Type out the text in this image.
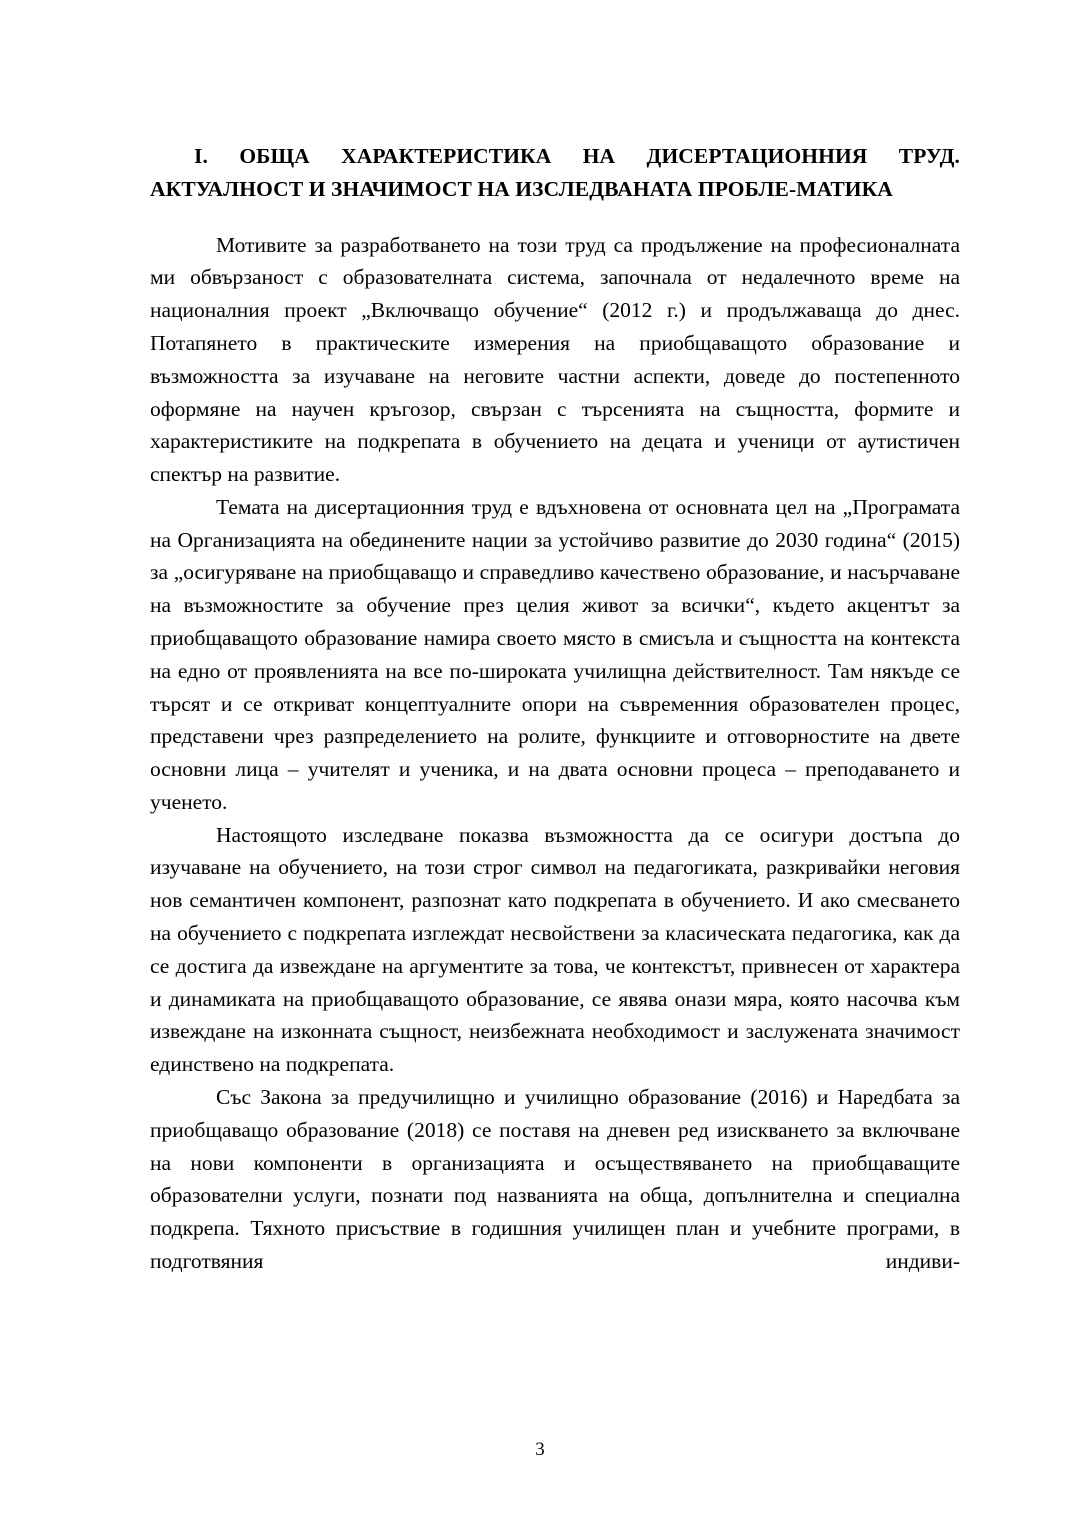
I. ОБЩА ХАРАКТЕРИСТИКА НА ДИСЕРТАЦИОННИЯ ТРУД. АКТУАЛНОСТ И ЗНАЧИМОСТ НА ИЗСЛЕДВАНАТА ПРОБЛЕ-МАТИКА

Мотивите за разработването на този труд са продължение на професионалната ми обвързаност с образователната система, започнала от недалечното време на националния проект „Включващо обучение“ (2012 г.) и продължаваща до днес. Потапянето в практическите измерения на приобщаващото образование и възможността за изучаване на неговите частни аспекти, доведе до постепенното оформяне на научен кръгозор, свързан с търсенията на същността, формите и характеристиките на подкрепата в обучението на децата и ученици от аутистичен спектър на развитие.

Темата на дисертационния труд е вдъхновена от основната цел на „Програмата на Организацията на обединените нации за устойчиво развитие до 2030 година“ (2015) за „осигуряване на приобщаващо и справедливо качествено образование, и насърчаване на възможностите за обучение през целия живот за всички“, където акцентът за приобщаващото образование намира своето място в смисъла и същността на контекста на едно от проявленията на все по-широката училищна действителност. Там някъде се търсят и се откриват концептуалните опори на съвременния образователен процес, представени чрез разпределението на ролите, функциите и отговорностите на двете основни лица – учителят и ученика, и на двата основни процеса – преподаването и ученето.

Настоящото изследване показва възможността да се осигури достъпа до изучаване на обучението, на този строг символ на педагогиката, разкривайки неговия нов семантичен компонент, разпознат като подкрепата в обучението. И ако смесването на обучението с подкрепата изглеждат несвойствени за класическата педагогика, как да се достига да извеждане на аргументите за това, че контекстът, привнесен от характера и динамиката на приобщаващото образование, се явява онази мяра, която насочва към извеждане на изконната същност, неизбежната необходимост и заслужената значимост единствено на подкрепата.

Със Закона за предучилищно и училищно образование (2016) и Наредбата за приобщаващо образование (2018) се поставя на дневен ред изискването за включване на нови компоненти в организацията и осъществяването на приобщаващите образователни услуги, познати под названията на обща, допълнителна и специална подкрепа. Тяхното присъствие в годишния училищен план и учебните програми, в подготвяния индиви-

3
